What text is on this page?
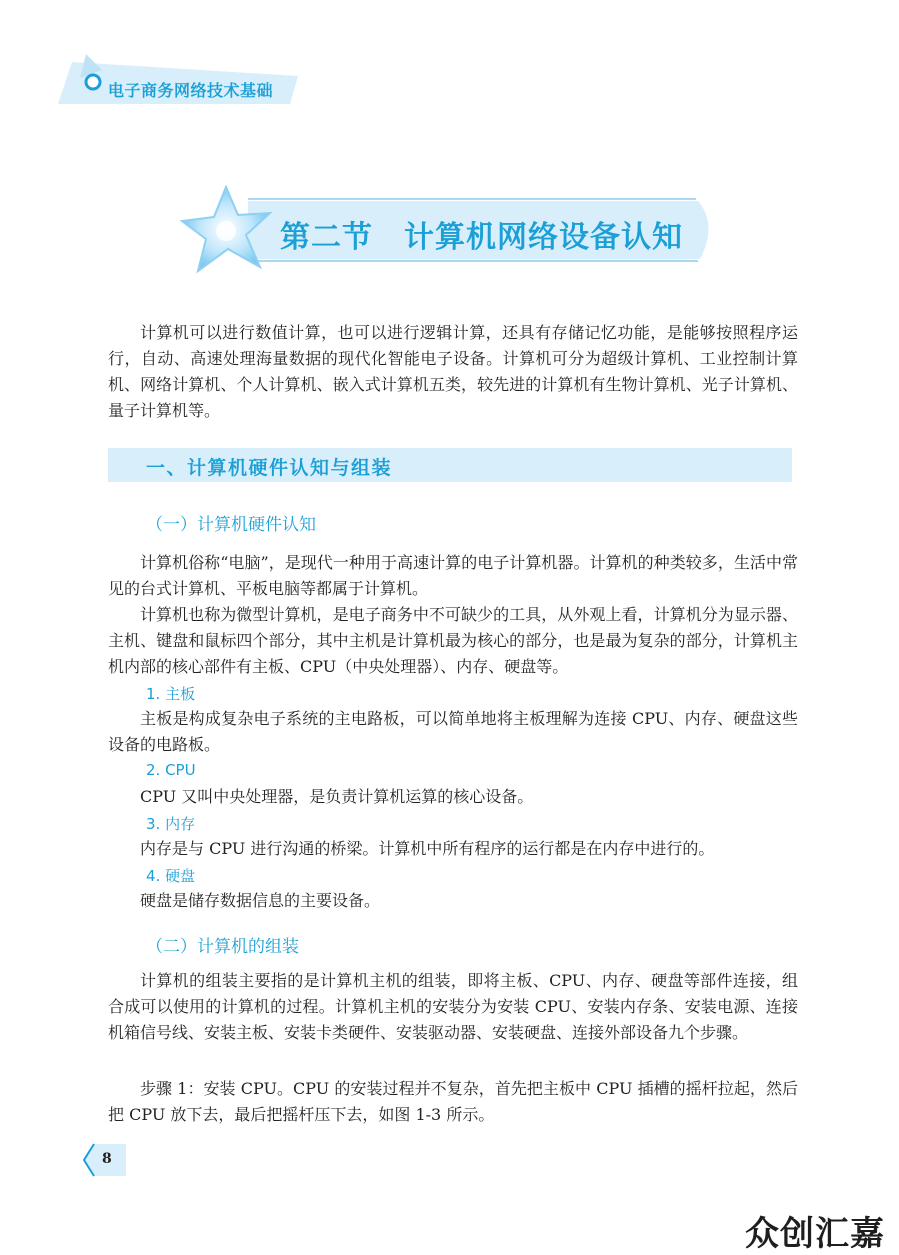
电子商务网络技术基础
第二节　计算机网络设备认知

计算机可以进行数值计算，也可以进行逻辑计算，还具有存储记忆功能，是能够按照程序运行，自动、高速处理海量数据的现代化智能电子设备。计算机可分为超级计算机、工业控制计算机、网络计算机、个人计算机、嵌入式计算机五类，较先进的计算机有生物计算机、光子计算机、量子计算机等。

一、计算机硬件认知与组装
（一）计算机硬件认知

计算机俗称“电脑”，是现代一种用于高速计算的电子计算机器。计算机的种类较多，生活中常见的台式计算机、平板电脑等都属于计算机。

计算机也称为微型计算机，是电子商务中不可缺少的工具，从外观上看，计算机分为显示器、主机、键盘和鼠标四个部分，其中主机是计算机最为核心的部分，也是最为复杂的部分，计算机主机内部的核心部件有主板、CPU（中央处理器）、内存、硬盘等。

1. 主板

主板是构成复杂电子系统的主电路板，可以简单地将主板理解为连接 CPU、内存、硬盘这些设备的电路板。

2. CPU

CPU 又叫中央处理器，是负责计算机运算的核心设备。

3. 内存

内存是与 CPU 进行沟通的桥梁。计算机中所有程序的运行都是在内存中进行的。

4. 硬盘

硬盘是储存数据信息的主要设备。

（二）计算机的组装

计算机的组装主要指的是计算机主机的组装，即将主板、CPU、内存、硬盘等部件连接，组合成可以使用的计算机的过程。计算机主机的安装分为安装 CPU、安装内存条、安装电源、连接机箱信号线、安装主板、安装卡类硬件、安装驱动器、安装硬盘、连接外部设备九个步骤。

步骤 1：安装 CPU。CPU 的安装过程并不复杂，首先把主板中 CPU 插槽的摇杆拉起，然后把 CPU 放下去，最后把摇杆压下去，如图 1-3 所示。

8
众创汇嘉
